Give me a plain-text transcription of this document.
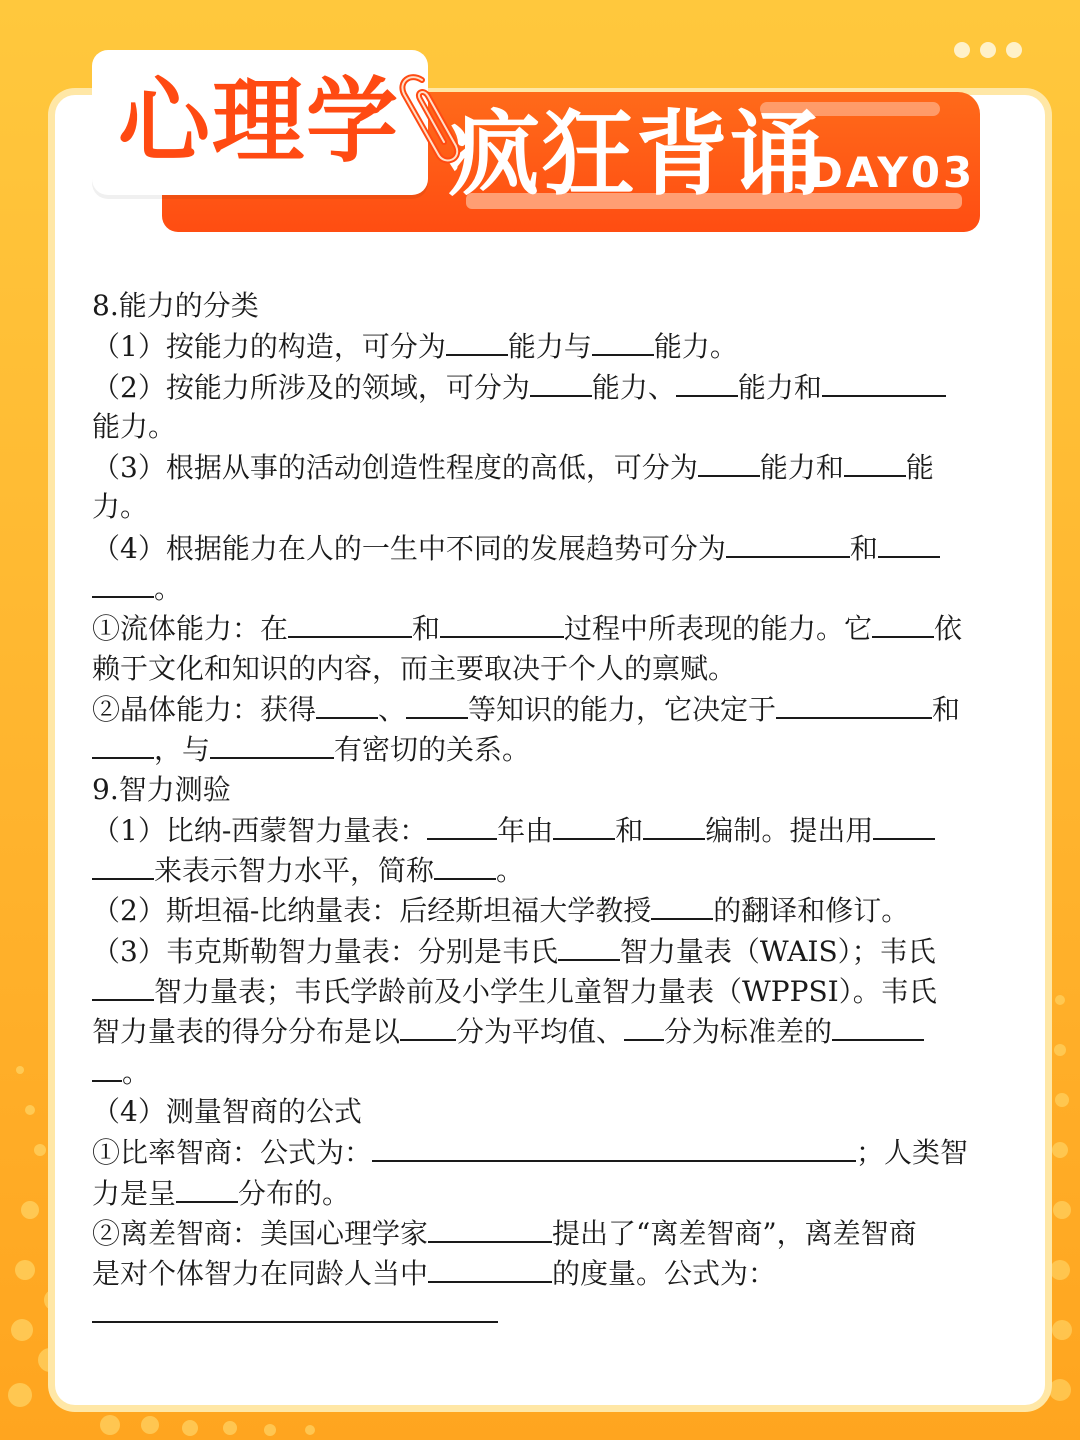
心理学 疯狂背诵
DAY03
8.能力的分类
（1）按能力的构造，可分为 能力与 能力。
（2）按能力所涉及的领域，可分为 能力、 能力和
能力。
（3）根据从事的活动创造性程度的高低，可分为 能力和 能
力。
（4）根据能力在人的一生中不同的发展趋势可分为	和
。
①流体能力：在	和	过程中所表现的能力。它 依
赖于文化和知识的内容，而主要取决于个人的禀赋。
②晶体能力：获得 、 等知识的能力，它决定于	和
，与	有密切的关系。
9.智力测验
（1）比纳-西蒙智力量表：	年由 和 编制。提出用
来表示智力水平，简称 。
（2）斯坦福-比纳量表：后经斯坦福大学教授 的翻译和修订。
（3）韦克斯勒智力量表：分别是韦氏 智力量表（WAIS）；韦氏
智力量表；韦氏学龄前及小学生儿童智力量表（WPPSI）。韦氏
智力量表的得分分布是以 分为平均值、 分为标准差的
。
（4）测量智商的公式
①比率智商：公式为：	；人类智
力是呈 分布的。
②离差智商：美国心理学家	提出了“离差智商”，离差智商
是对个体智力在同龄人当中	的度量。公式为：
